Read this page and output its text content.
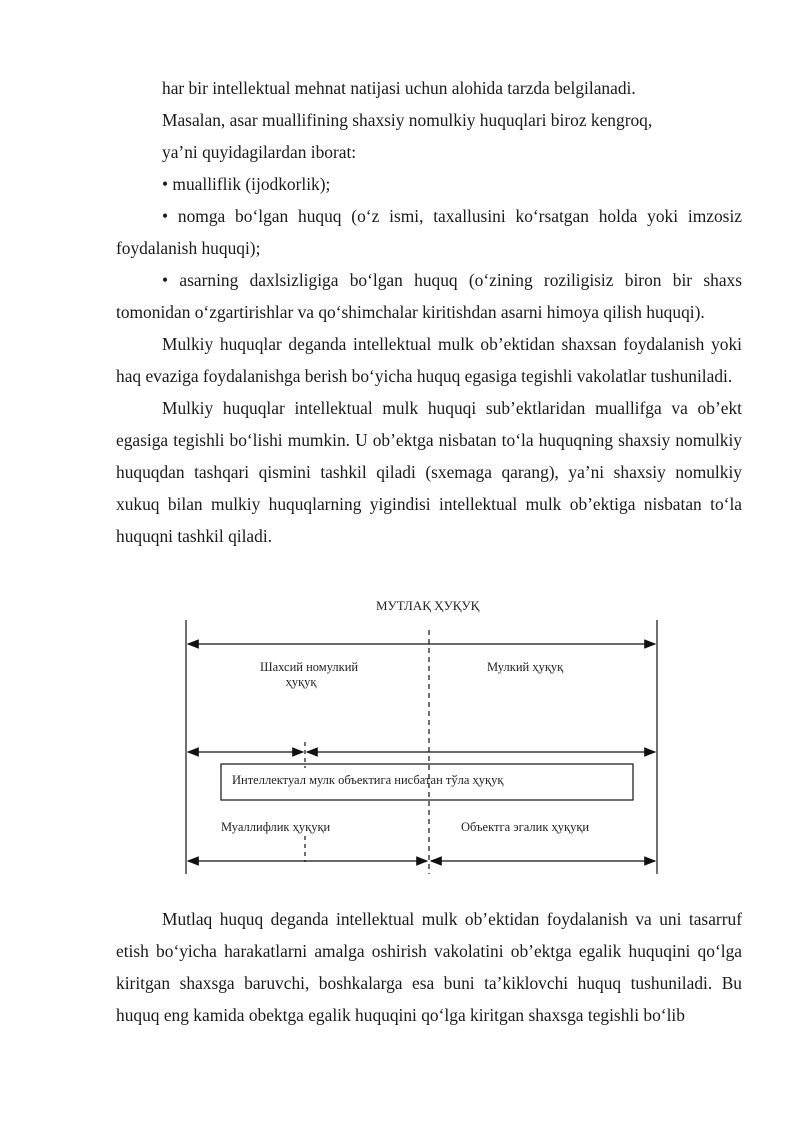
har bir intellektual mehnat natijasi uchun alohida tarzda belgilanadi.

Masalan, asar muallifining shaxsiy nomulkiy huquqlari biroz kengroq,

ya’ni quyidagilardan iborat:

• mualliflik (ijodkorlik);

• nomga bo‘lgan huquq (o‘z ismi, taxallusini ko‘rsatgan holda yoki imzosiz foydalanish huquqi);

• asarning daxlsizligiga bo‘lgan huquq (o‘zining roziligisiz biron bir shaxs tomonidan o‘zgartirishlar va qo‘shimchalar kiritishdan asarni himoya qilish huquqi).

Mulkiy huquqlar deganda intellektual mulk ob’ektidan shaxsan foydalanish yoki haq evaziga foydalanishga berish bo‘yicha huquq egasiga tegishli vakolatlar tushuniladi.

Mulkiy huquqlar intellektual mulk huquqi sub’ektlaridan muallifga va ob’ekt egasiga tegishli bo‘lishi mumkin. U ob’ektga nisbatan to‘la huquqning shaxsiy nomulkiy huquqdan tashqari qismini tashkil qiladi (sxemaga qarang), ya’ni shaxsiy nomulkiy xukuq bilan mulkiy huquqlarning yigindisi intellektual mulk ob’ektiga nisbatan to‘la huquqni tashkil qiladi.

МУТЛАҚ ҲУҚУҚ
Шахсий номулкий
ҳуқуқ
Мулкий ҳуқуқ
Интеллектуал мулк объектига нисбатан тўла ҳуқуқ
Муаллифлик ҳуқуқи	Объектга эгалик ҳуқуқи

Mutlaq huquq deganda intellektual mulk ob’ektidan foydalanish va uni tasarruf etish bo‘yicha harakatlarni amalga oshirish vakolatini ob’ektga egalik huquqini qo‘lga kiritgan shaxsga baruvchi, boshkalarga esa buni ta’kiklovchi huquq tushuniladi. Bu huquq eng kamida obektga egalik huquqini qo‘lga kiritgan shaxsga tegishli bo‘lib
